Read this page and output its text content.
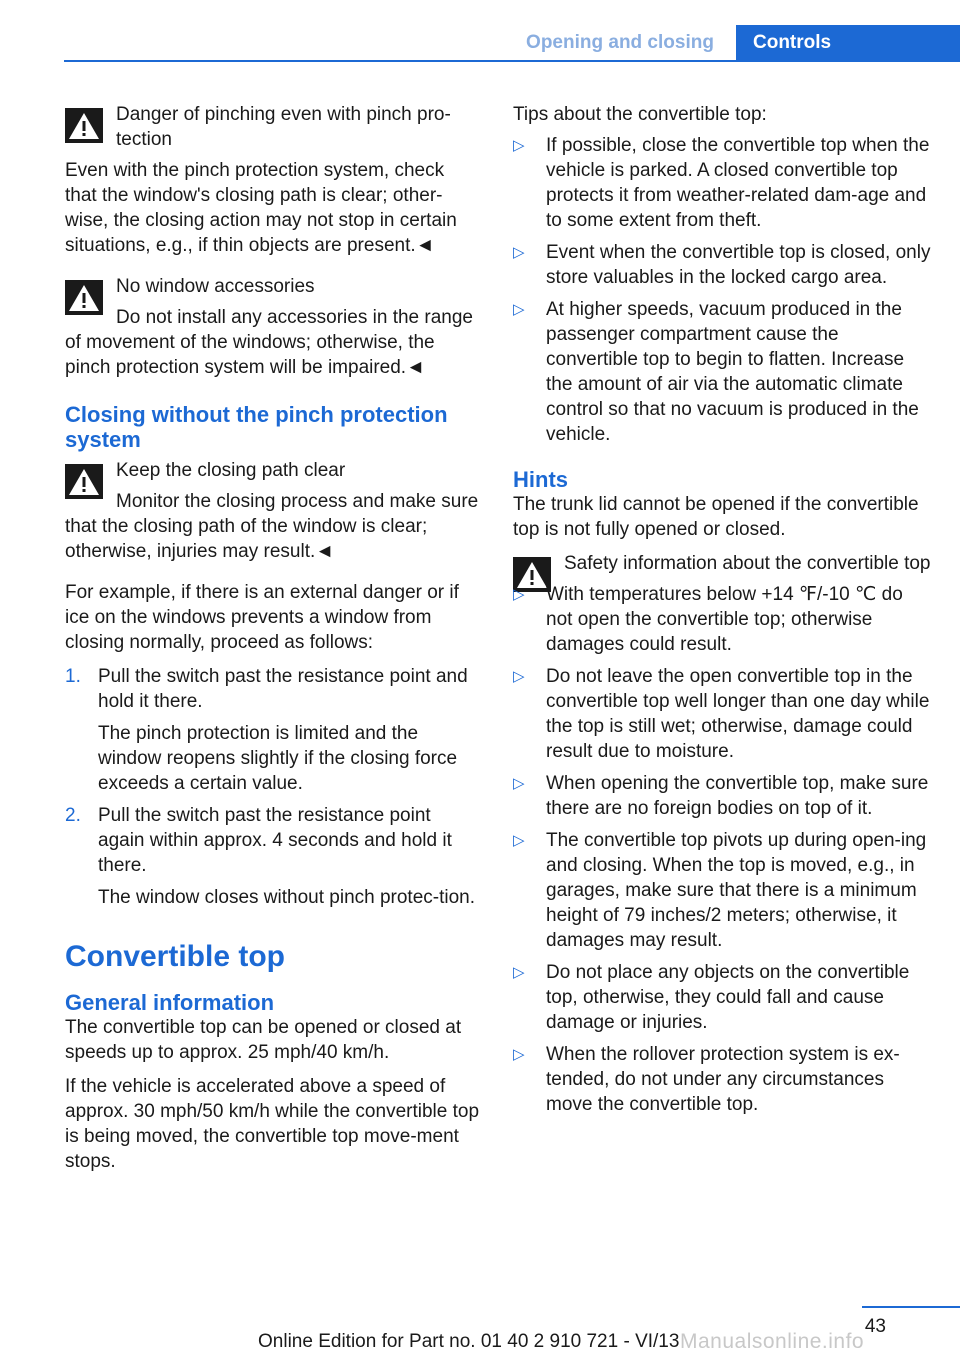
Opening and closing	Controls
Danger of pinching even with pinch pro‐tection
Even with the pinch protection system, check that the window's closing path is clear; other‐wise, the closing action may not stop in certain situations, e.g., if thin objects are present.◄
No window accessories
Do not install any accessories in the range of movement of the windows; otherwise, the pinch protection system will be impaired.◄
Closing without the pinch protection system
Keep the closing path clear
Monitor the closing process and make sure that the closing path of the window is clear; otherwise, injuries may result.◄

For example, if there is an external danger or if ice on the windows prevents a window from closing normally, proceed as follows:

1. Pull the switch past the resistance point and hold it there.
The pinch protection is limited and the window reopens slightly if the closing force exceeds a certain value.
2. Pull the switch past the resistance point again within approx. 4 seconds and hold it there.
The window closes without pinch protec‐tion.
Convertible top
General information

The convertible top can be opened or closed at speeds up to approx. 25 mph/40 km/h.

If the vehicle is accelerated above a speed of approx. 30 mph/50 km/h while the convertible top is being moved, the convertible top move‐ment stops.

Tips about the convertible top:

▷ If possible, close the convertible top when the vehicle is parked. A closed convertible top protects it from weather-related dam‐age and to some extent from theft.
▷ Event when the convertible top is closed, only store valuables in the locked cargo area.
▷ At higher speeds, vacuum produced in the passenger compartment cause the convertible top to begin to flatten. Increase the amount of air via the automatic climate control so that no vacuum is produced in the vehicle.
Hints

The trunk lid cannot be opened if the convertible top is not fully opened or closed.

Safety information about the convertible top
▷ With temperatures below +14 ℉/-10 ℃ do not open the convertible top; otherwise damages could result.
▷ Do not leave the open convertible top in the convertible top well longer than one day while the top is still wet; otherwise, damage could result due to moisture.
▷ When opening the convertible top, make sure there are no foreign bodies on top of it.
▷ The convertible top pivots up during open‐ing and closing. When the top is moved, e.g., in garages, make sure that there is a minimum height of 79 inches/2 meters; otherwise, it damages may result.
▷ Do not place any objects on the convertible top, otherwise, they could fall and cause damage or injuries.
▷ When the rollover protection system is ex‐tended, do not under any circumstances move the convertible top.
43
Online Edition for Part no. 01 40 2 910 721 - VI/13 Manualsonline.info
